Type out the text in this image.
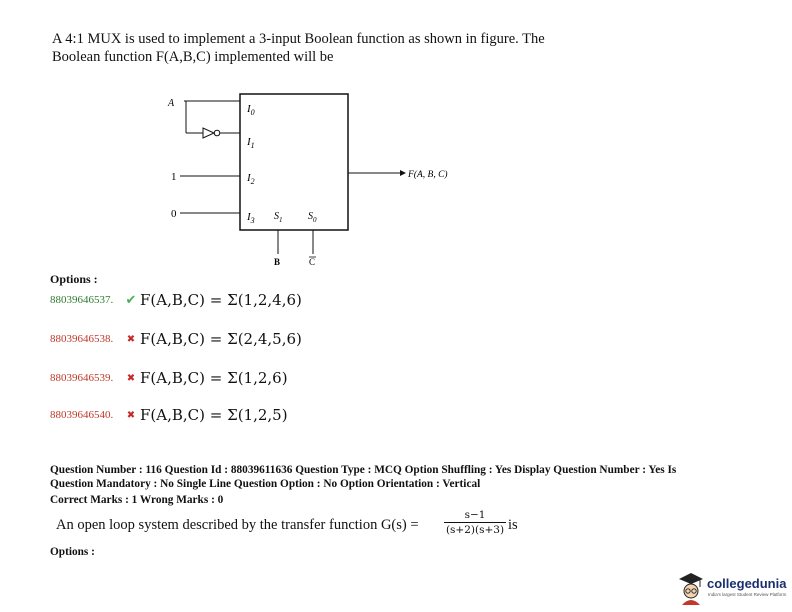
A 4:1 MUX is used to implement a 3-input Boolean function as shown in figure. The
Boolean function F(A,B,C) implemented will be
A
1
0
$I_0$
$I_1$
$I_2$
$I_3$ $S_1$	$S_0$
B	C
F(A, B, C)
Options :
88039646537. ✔ F(A,B,C) = Σ(1,2,4,6)
88039646538.	✖ F(A,B,C) = Σ(2,4,5,6)
88039646539.	✖ F(A,B,C) = Σ(1,2,6)
88039646540.	✖ F(A,B,C) = Σ(1,2,5)
Question Number : 116 Question Id : 88039611636 Question Type : MCQ Option Shuffling : Yes Display Question Number : Yes Is
Question Mandatory : No Single Line Question Option : No Option Orientation : Vertical
Correct Marks : 1 Wrong Marks : 0
An open loop system described by the transfer function $G(s) = \frac{s-1}{(s+2)(s+3)}$ is
Options :
collegedunia
India's largest Student Review Platform
